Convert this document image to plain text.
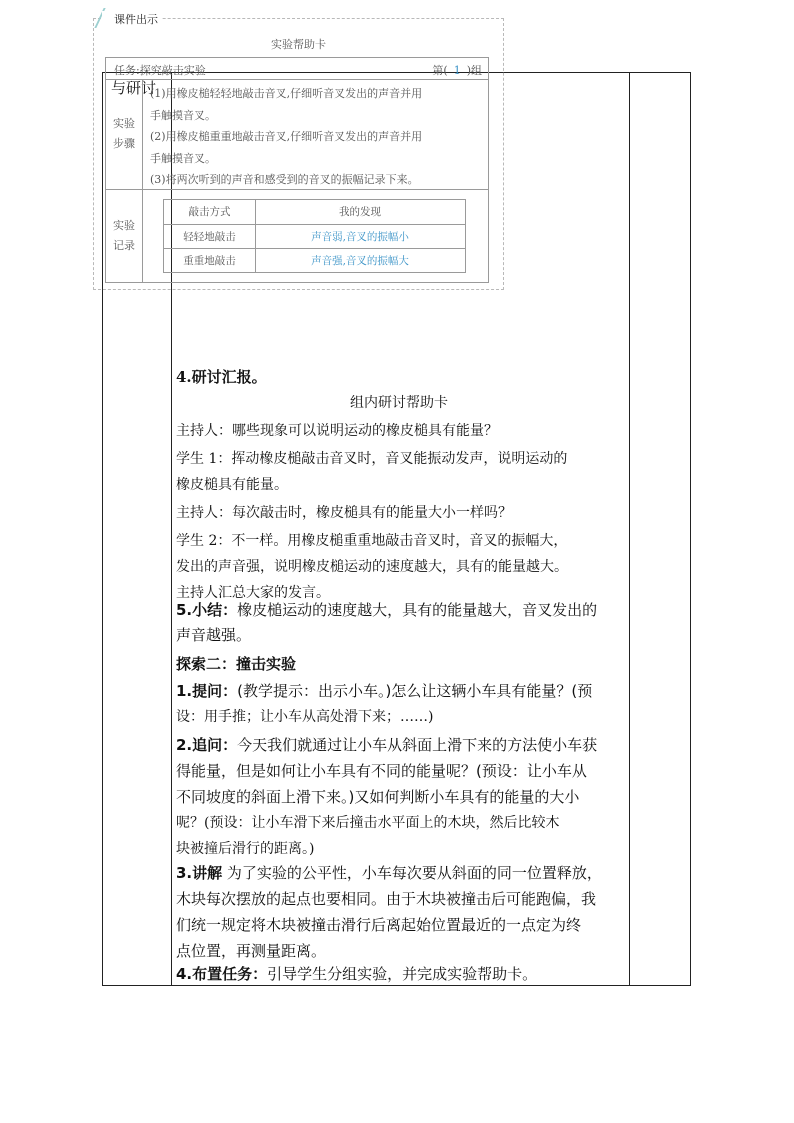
与研讨
课件出示
实验帮助卡
任务:探究敲击实验	第( 1 )组
实验步骤
(1)用橡皮槌轻轻地敲击音叉,仔细听音叉发出的声音并用
手触摸音叉。
(2)用橡皮槌重重地敲击音叉,仔细听音叉发出的声音并用
手触摸音叉。
(3)将两次听到的声音和感受到的音叉的振幅记录下来。
实验记录
敲击方式	我的发现
轻轻地敲击	声音弱,音叉的振幅小
重重地敲击	声音强,音叉的振幅大
4.研讨汇报。
组内研讨帮助卡
主持人：哪些现象可以说明运动的橡皮槌具有能量？
学生 1：挥动橡皮槌敲击音叉时，音叉能振动发声，说明运动的
橡皮槌具有能量。
主持人：每次敲击时，橡皮槌具有的能量大小一样吗？
学生 2：不一样。用橡皮槌重重地敲击音叉时，音叉的振幅大，
发出的声音强，说明橡皮槌运动的速度越大，具有的能量越大。
主持人汇总大家的发言。
5.小结：橡皮槌运动的速度越大，具有的能量越大，音叉发出的
声音越强。
探索二：撞击实验
1.提问：(教学提示：出示小车。)怎么让这辆小车具有能量？(预
设：用手推；让小车从高处滑下来；……)
2.追问：今天我们就通过让小车从斜面上滑下来的方法使小车获
得能量，但是如何让小车具有不同的能量呢？(预设：让小车从
不同坡度的斜面上滑下来。)又如何判断小车具有的能量的大小
呢？(预设：让小车滑下来后撞击水平面上的木块，然后比较木
块被撞后滑行的距离。)
3.讲解 为了实验的公平性，小车每次要从斜面的同一位置释放，
木块每次摆放的起点也要相同。由于木块被撞击后可能跑偏，我
们统一规定将木块被撞击滑行后离起始位置最近的一点定为终
点位置，再测量距离。
4.布置任务：引导学生分组实验，并完成实验帮助卡。
